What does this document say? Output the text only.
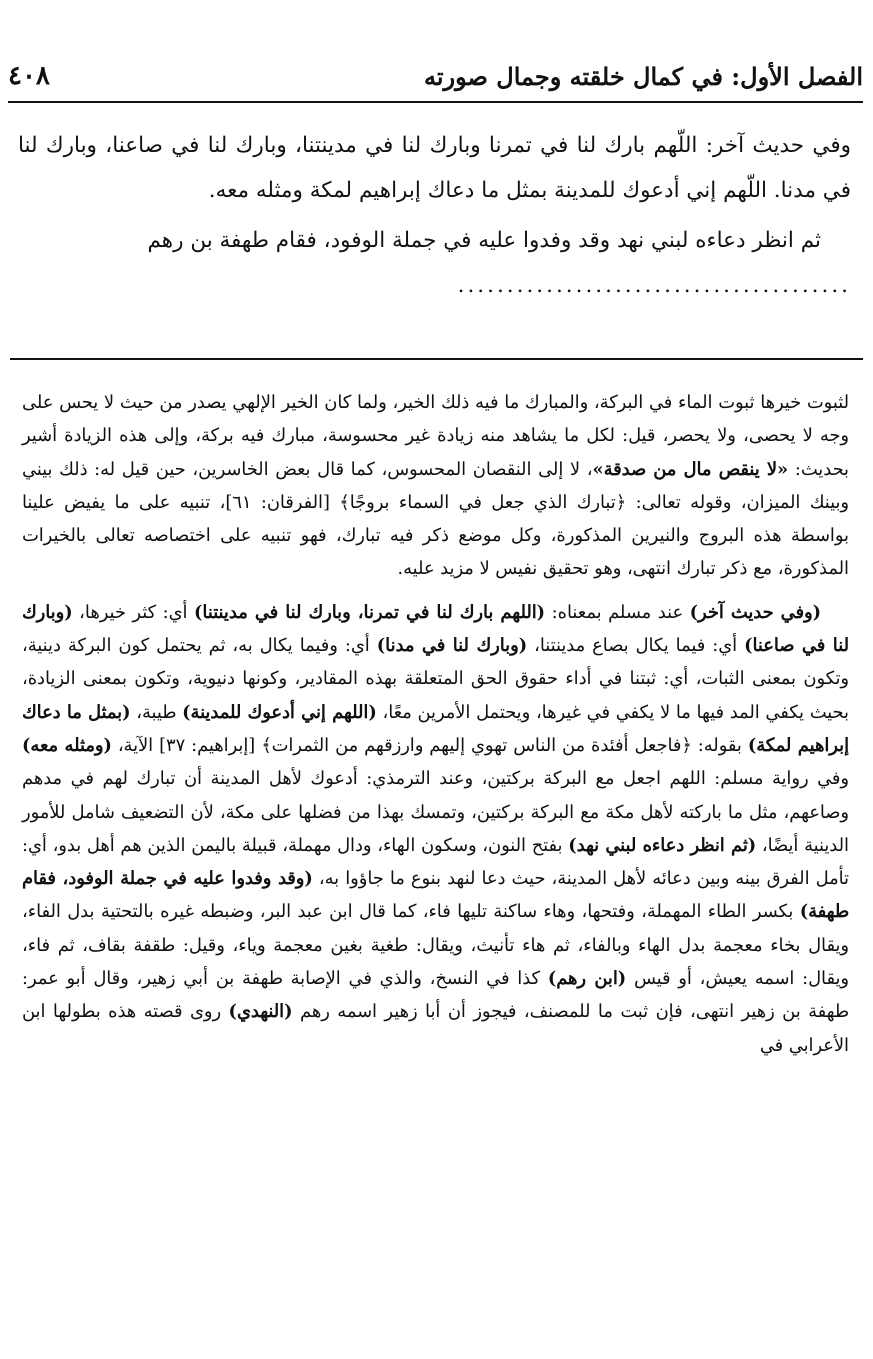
الفصل الأول: في كمال خلقته وجمال صورته
٤٠٨

وفي حديث آخر: اللّهم بارك لنا في تمرنا وبارك لنا في مدينتنا، وبارك لنا في صاعنا، وبارك لنا في مدنا. اللّهم إني أدعوك للمدينة بمثل ما دعاك إبراهيم لمكة ومثله معه.

ثم انظر دعاءه لبني نهد وقد وفدوا عليه في جملة الوفود، فقام طهفة بن رهم

........................................

لثبوت خيرها ثبوت الماء في البركة، والمبارك ما فيه ذلك الخير، ولما كان الخير الإلهي يصدر من حيث لا يحس على وجه لا يحصى، ولا يحصر، قيل: لكل ما يشاهد منه زيادة غير محسوسة، مبارك فيه بركة، وإلى هذه الزيادة أشير بحديث: «لا ينقص مال من صدقة»، لا إلى النقصان المحسوس، كما قال بعض الخاسرين، حين قيل له: ذلك بيني وبينك الميزان، وقوله تعالى: ﴿تبارك الذي جعل في السماء بروجًا﴾ [الفرقان: ٦١]، تنبيه على ما يفيض علينا بواسطة هذه البروج والنيرين المذكورة، وكل موضع ذكر فيه تبارك، فهو تنبيه على اختصاصه تعالى بالخيرات المذكورة، مع ذكر تبارك انتهى، وهو تحقيق نفيس لا مزيد عليه.

(وفي حديث آخر) عند مسلم بمعناه: (اللهم بارك لنا في تمرنا، وبارك لنا في مدينتنا) أي: كثر خيرها، (وبارك لنا في صاعنا) أي: فيما يكال بصاع مدينتنا، (وبارك لنا في مدنا) أي: وفيما يكال به، ثم يحتمل كون البركة دينية، وتكون بمعنى الثبات، أي: ثبتنا في أداء حقوق الحق المتعلقة بهذه المقادير، وكونها دنيوية، وتكون بمعنى الزيادة، بحيث يكفي المد فيها ما لا يكفي في غيرها، ويحتمل الأمرين معًا، (اللهم إني أدعوك للمدينة) طيبة، (بمثل ما دعاك إبراهيم لمكة) بقوله: ﴿فاجعل أفئدة من الناس تهوي إليهم وارزقهم من الثمرات﴾ [إبراهيم: ٣٧] الآية، (ومثله معه) وفي رواية مسلم: اللهم اجعل مع البركة بركتين، وعند الترمذي: أدعوك لأهل المدينة أن تبارك لهم في مدهم وصاعهم، مثل ما باركته لأهل مكة مع البركة بركتين، وتمسك بهذا من فضلها على مكة، لأن التضعيف شامل للأمور الدينية أيضًا، (ثم انظر دعاءه لبني نهد) بفتح النون، وسكون الهاء، ودال مهملة، قبيلة باليمن الذين هم أهل بدو، أي: تأمل الفرق بينه وبين دعائه لأهل المدينة، حيث دعا لنهد بنوع ما جاؤوا به، (وقد وفدوا عليه في جملة الوفود، فقام طهفة) بكسر الطاء المهملة، وفتحها، وهاء ساكنة تليها فاء، كما قال ابن عبد البر، وضبطه غيره بالتحتية بدل الفاء، ويقال بخاء معجمة بدل الهاء وبالفاء، ثم هاء تأنيث، ويقال: طغية بغين معجمة وياء، وقيل: طقفة بقاف، ثم فاء، ويقال: اسمه يعيش، أو قيس (ابن رهم) كذا في النسخ، والذي في الإصابة طهفة بن أبي زهير، وقال أبو عمر: طهفة بن زهير انتهى، فإن ثبت ما للمصنف، فيجوز أن أبا زهير اسمه رهم (النهدي) روى قصته هذه بطولها ابن الأعرابي في
